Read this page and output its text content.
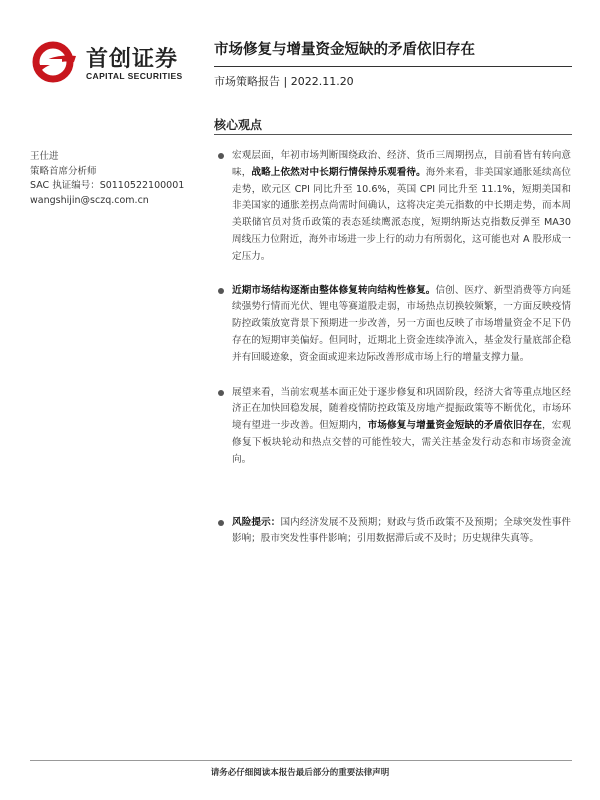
首创证券
CAPITAL SECURITIES
市场修复与增量资金短缺的矛盾依旧存在
市场策略报告 | 2022.11.20
核心观点
王仕进
策略首席分析师
SAC 执证编号：S0110522100001
wangshijin@sczq.com.cn
宏观层面，年初市场判断围绕政治、经济、货币三周期拐点，目前看皆有转向意味，战略上依然对中长期行情保持乐观看待。海外来看，非美国家通胀延续高位走势，欧元区 CPI 同比升至 10.6%，英国 CPI 同比升至 11.1%，短期美国和非美国家的通胀差拐点尚需时间确认，这将决定美元指数的中长期走势，而本周美联储官员对货币政策的表态延续鹰派态度，短期纳斯达克指数反弹至 MA30 周线压力位附近，海外市场进一步上行的动力有所弱化，这可能也对 A 股形成一定压力。
近期市场结构逐渐由整体修复转向结构性修复。信创、医疗、新型消费等方向延续强势行情而光伏、锂电等赛道股走弱，市场热点切换较频繁，一方面反映疫情防控政策放宽背景下预期进一步改善，另一方面也反映了市场增量资金不足下仍存在的短期审美偏好。但同时，近期北上资金连续净流入，基金发行量底部企稳并有回暖迹象，资金面或迎来边际改善形成市场上行的增量支撑力量。
展望来看，当前宏观基本面正处于逐步修复和巩固阶段，经济大省等重点地区经济正在加快回稳发展，随着疫情防控政策及房地产提振政策等不断优化，市场环境有望进一步改善。但短期内，市场修复与增量资金短缺的矛盾依旧存在，宏观修复下板块轮动和热点交替的可能性较大，需关注基金发行动态和市场资金流向。
风险提示：国内经济发展不及预期；财政与货币政策不及预期；全球突发性事件影响；股市突发性事件影响；引用数据滞后或不及时；历史规律失真等。
请务必仔细阅读本报告最后部分的重要法律声明
